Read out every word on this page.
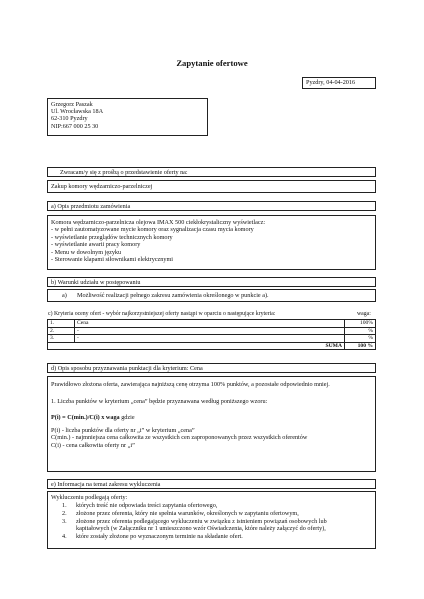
Zapytanie ofertowe
Pyzdry, 04-04-2016
Grzegorz Paszak
Ul. Wrocławska 18A
62-310 Pyzdry
NIP:667 000 25 30
Zwracam/y się z prośbą o przedstawienie oferty na:
Zakup komory wędzarniczo-parzelniczej
a) Opis przedmiotu zamówienia
Komora wędzarniczo-parzelnicza olejowa IMAX 500 ciekłokrystaliczny wyświetlacz:
- w pełni zautomatyzowane mycie komory oraz sygnalizacja czasu mycia komory
- wyświetlanie przeglądów technicznych komory
- wyświetlanie awarii pracy komory
- Menu w dowolnym języku
- Sterowanie klapami siłownikami elektrycznymi
b) Warunki udziału w postępowaniu
a) Możliwość realizacji pełnego zakresu zamówienia określonego w punkcie a).
c) Kryteria oceny ofert - wybór najkorzystniejszej oferty nastąpi w oparciu o następujące kryteria:	waga:
1.	Cena	100%
2.	-	%
3.	-	%
SUMA		100 %
d) Opis sposobu przyznawania punktacji dla kryterium: Cena
Prawidłowo złożona oferta, zawierająca najniższą cenę otrzyma 100% punktów, a pozostałe odpowiednio mniej.
1. Liczba punktów w kryterium „cena” będzie przyznawana według poniższego wzoru:
P(i) = C(min.)/C(i) x waga gdzie
P(i) - liczba punktów dla oferty nr „i” w kryterium „cena”
C(min.) - najmniejsza cena całkowita ze wszystkich cen zaproponowanych przez wszystkich oferentów
C(i) - cena całkowita oferty nr „i”
e) Informacja na temat zakresu wykluczenia
Wykluczeniu podlegają oferty:
1. których treść nie odpowiada treści zapytania ofertowego,
2. złożone przez oferenta, który nie spełnia warunków, określonych w zapytaniu ofertowym,
3. złożone przez oferenta podlegającego wykluczeniu w związku z istnieniem powiązań osobowych lub
kapitałowych (w Załączniku nr 1 umieszczono wzór Oświadczenia, które należy załączyć do oferty),
4. które zostały złożone po wyznaczonym terminie na składanie ofert.
